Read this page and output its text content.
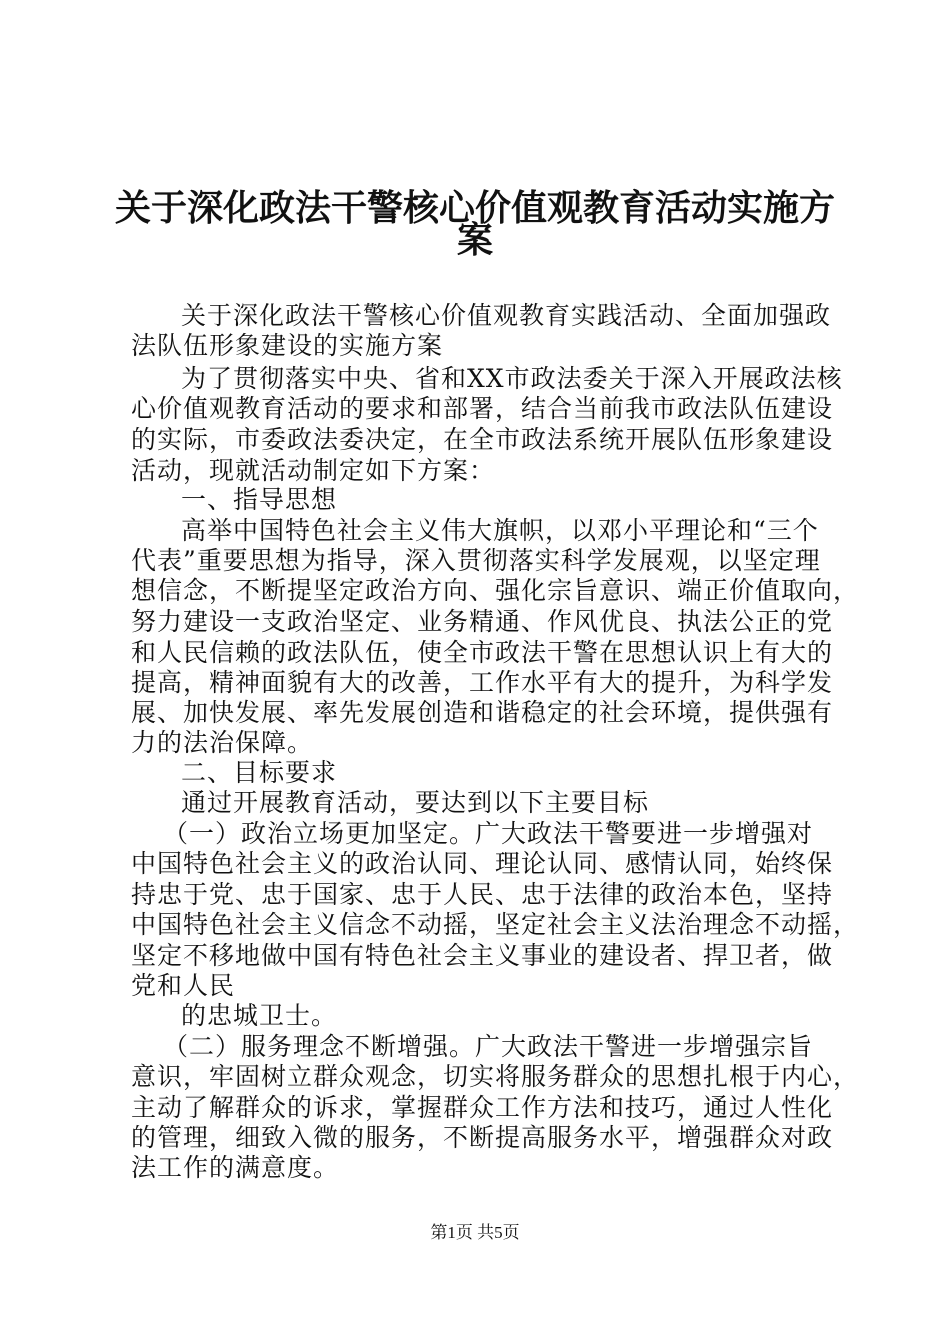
关于深化政法干警核心价值观教育活动实施方
案
关于深化政法干警核心价值观教育实践活动、全面加强政
法队伍形象建设的实施方案
为了贯彻落实中央、省和XX市政法委关于深入开展政法核
心价值观教育活动的要求和部署，结合当前我市政法队伍建设
的实际，市委政法委决定，在全市政法系统开展队伍形象建设
活动，现就活动制定如下方案：
一、指导思想
高举中国特色社会主义伟大旗帜，以邓小平理论和“三个
代表”重要思想为指导，深入贯彻落实科学发展观，以坚定理
想信念，不断提坚定政治方向、强化宗旨意识、端正价值取向，
努力建设一支政治坚定、业务精通、作风优良、执法公正的党
和人民信赖的政法队伍，使全市政法干警在思想认识上有大的
提高，精神面貌有大的改善，工作水平有大的提升，为科学发
展、加快发展、率先发展创造和谐稳定的社会环境，提供强有
力的法治保障。
二、目标要求
通过开展教育活动，要达到以下主要目标
（一）政治立场更加坚定。广大政法干警要进一步增强对
中国特色社会主义的政治认同、理论认同、感情认同，始终保
持忠于党、忠于国家、忠于人民、忠于法律的政治本色，坚持
中国特色社会主义信念不动摇，坚定社会主义法治理念不动摇，
坚定不移地做中国有特色社会主义事业的建设者、捍卫者，做
党和人民
的忠城卫士。
（二）服务理念不断增强。广大政法干警进一步增强宗旨
意识，牢固树立群众观念，切实将服务群众的思想扎根于内心，
主动了解群众的诉求，掌握群众工作方法和技巧，通过人性化
的管理，细致入微的服务，不断提高服务水平，增强群众对政
法工作的满意度。
第1页 共5页
